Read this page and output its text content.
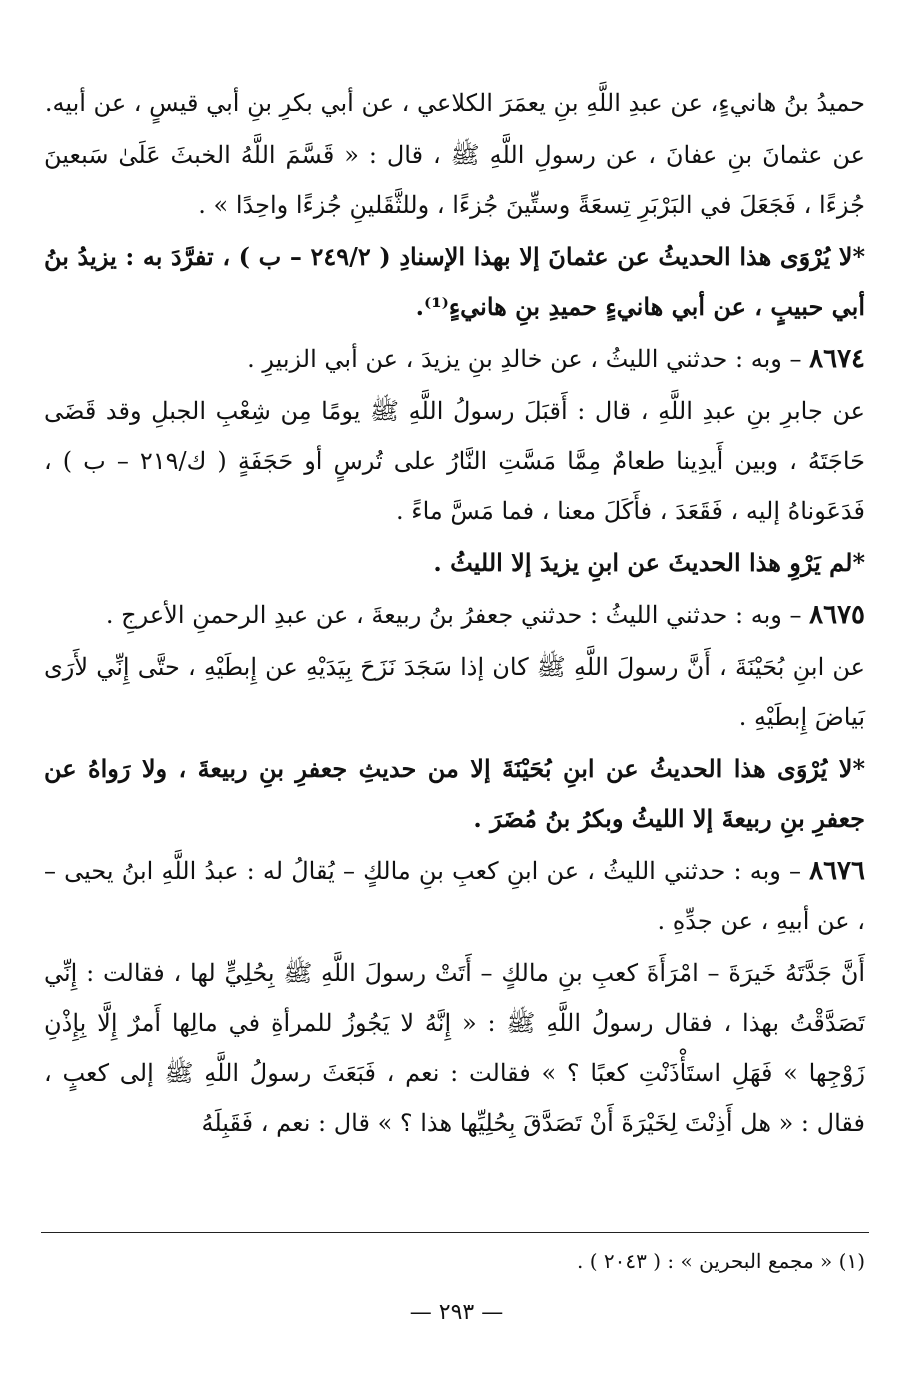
حميدُ بنُ هانيءٍ، عن عبدِ اللَّهِ بنِ يعمَرَ الكلاعي ، عن أبي بكرِ بنِ أبي قيسٍ ، عن أبيه.

عن عثمانَ بنِ عفانَ ، عن رسولِ اللَّهِ ﷺ ، قال : « قَسَّمَ اللَّهُ الخبثَ عَلَىٰ سَبعينَ جُزءًا ، فَجَعَلَ في البَرْبَرِ تِسعَةً وستِّينَ جُزءًا ، وللثَّقَلينِ جُزءًا واحِدًا » .

*لا يُرْوَى هذا الحديثُ عن عثمانَ إلا بهذا الإسنادِ ( ٢٤٩/٢ – ب ) ، تفرَّدَ به : يزيدُ بنُ أبي حبيبٍ ، عن أبي هانيءٍ حميدِ بنِ هانيءٍ⁽¹⁾.

٨٦٧٤ – وبه : حدثني الليثُ ، عن خالدِ بنِ يزيدَ ، عن أبي الزبيرِ .

عن جابرِ بنِ عبدِ اللَّهِ ، قال : أَقبَلَ رسولُ اللَّهِ ﷺ يومًا مِن شِعْبِ الجبلِ وقد قَضَى حَاجَتَهُ ، وبين أَيدِينا طعامٌ مِمَّا مَسَّتِ النَّارُ على تُرسٍ أو حَجَفَةٍ ( ك/٢١٩ – ب ) ، فَدَعَوناهُ إليه ، فَقَعَدَ ، فأَكَلَ معنا ، فما مَسَّ ماءً .

*لم يَرْوِ هذا الحديثَ عن ابنِ يزيدَ إلا الليثُ .

٨٦٧٥ – وبه : حدثني الليثُ : حدثني جعفرُ بنُ ربيعةَ ، عن عبدِ الرحمنِ الأعرجِ .

عن ابنِ بُحَيْنَةَ ، أَنَّ رسولَ اللَّهِ ﷺ كان إذا سَجَدَ نَزَحَ بِيَدَيْهِ عن إِبطَيْهِ ، حتَّى إِنِّي لأَرَى بَياضَ إِبطَيْهِ .

*لا يُرْوَى هذا الحديثُ عن ابنِ بُحَيْنَةَ إلا من حديثِ جعفرِ بنِ ربيعةَ ، ولا رَواهُ عن جعفرِ بنِ ربيعةَ إلا الليثُ وبكرُ بنُ مُضَرَ .

٨٦٧٦ – وبه : حدثني الليثُ ، عن ابنِ كعبِ بنِ مالكٍ – يُقالُ له : عبدُ اللَّهِ ابنُ يحيى – ، عن أبيهِ ، عن جدِّهِ .

أَنَّ جَدَّتَهُ خَيرَةَ – امْرَأَةَ كعبِ بنِ مالكٍ – أَتَتْ رسولَ اللَّهِ ﷺ بِحُلِيٍّ لها ، فقالت : إِنِّي تَصَدَّقْتُ بهذا ، فقال رسولُ اللَّهِ ﷺ : « إِنَّهُ لا يَجُوزُ للمرأةِ في مالِها أَمرٌ إِلَّا بِإِذْنِ زَوْجِها » فَهَلِ استَأْذَنْتِ كعبًا ؟ » فقالت : نعم ، فَبَعَثَ رسولُ اللَّهِ ﷺ إلى كعبٍ ، فقال : « هل أَذِنْتَ لِخَيْرَةَ أَنْ تَصَدَّقَ بِحُلِيِّها هذا ؟ » قال : نعم ، فَقَبِلَهُ

(١) « مجمع البحرين » : ( ٢٠٤٣ ) .
— ٢٩٣ —
